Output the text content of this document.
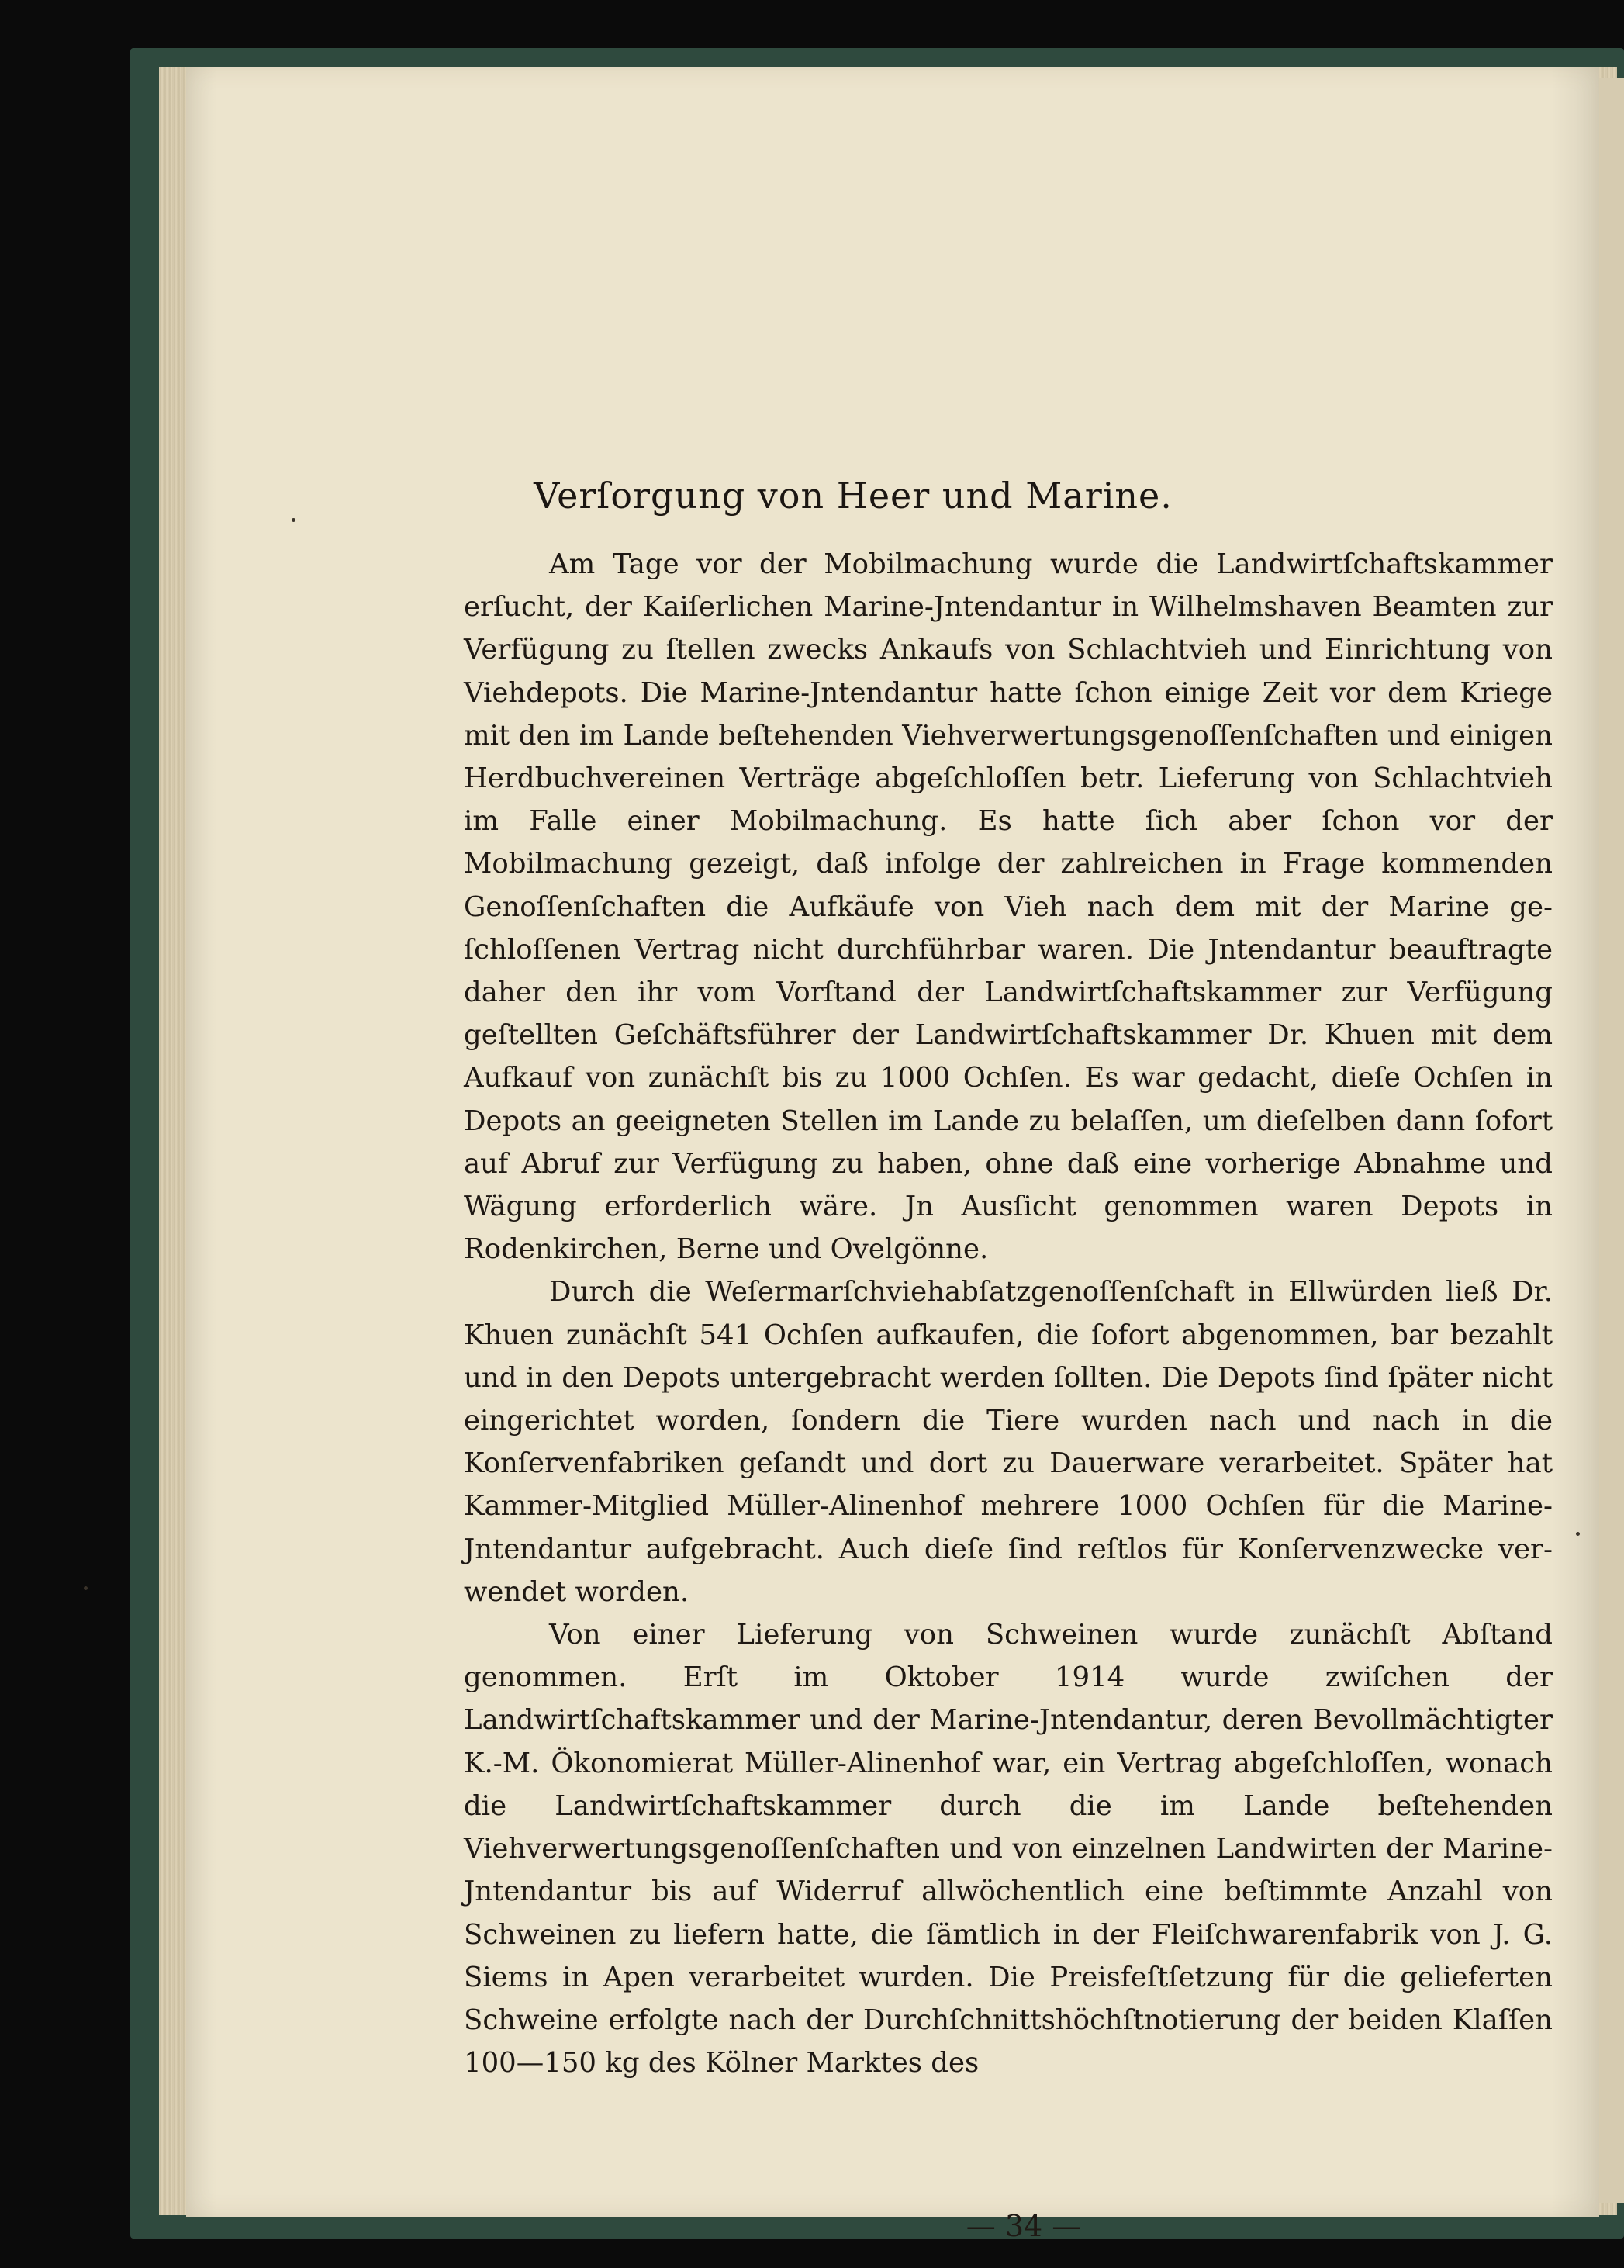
Verſorgung von Heer und Marine.

Am Tage vor der Mobilmachung wurde die Landwirtſchaftskammer erſucht, der Kaiſerlichen Marine-Jntendantur in Wilhelmshaven Beamten zur Verfügung zu ſtellen zwecks Ankaufs von Schlachtvieh und Einrichtung von Viehdepots. Die Marine-Jntendantur hatte ſchon einige Zeit vor dem Kriege mit den im Lande beſtehenden Viehverwertungsgenoſſenſchaften und einigen Herdbuchvereinen Verträge abgeſchloſſen betr. Lieferung von Schlachtvieh im Falle einer Mobilmachung. Es hatte ſich aber ſchon vor der Mobilmachung gezeigt, daß infolge der zahlreichen in Frage kommenden Genoſſenſchaften die Aufkäufe von Vieh nach dem mit der Marine geſchloſſenen Vertrag nicht durchführbar waren. Die Jntendantur beauftragte daher den ihr vom Vorſtand der Landwirtſchaftskammer zur Verfügung geſtellten Geſchäftsführer der Landwirtſchaftskammer Dr. Khuen mit dem Aufkauf von zunächſt bis zu 1000 Ochſen. Es war gedacht, dieſe Ochſen in Depots an geeigneten Stellen im Lande zu belaſſen, um dieſelben dann ſofort auf Abruf zur Verfügung zu haben, ohne daß eine vorherige Abnahme und Wägung erforderlich wäre. Jn Ausſicht genommen waren Depots in Rodenkirchen, Berne und Ovelgönne.

Durch die Weſermarſchviehabſatzgenoſſenſchaft in Ellwürden ließ Dr. Khuen zunächſt 541 Ochſen aufkaufen, die ſofort abgenommen, bar bezahlt und in den Depots untergebracht werden ſollten. Die Depots ſind ſpäter nicht eingerichtet worden, ſondern die Tiere wurden nach und nach in die Konſervenfabriken geſandt und dort zu Dauerware verarbeitet. Später hat Kammer-Mitglied Müller-Alinenhof mehrere 1000 Ochſen für die Marine-Jntendantur aufgebracht. Auch dieſe ſind reſtlos für Konſervenzwecke verwendet worden.

Von einer Lieferung von Schweinen wurde zunächſt Abſtand genommen. Erſt im Oktober 1914 wurde zwiſchen der Landwirtſchaftskammer und der Marine-Jntendantur, deren Bevollmächtigter K.-M. Ökonomierat Müller-Alinenhof war, ein Vertrag abgeſchloſſen, wonach die Landwirtſchaftskammer durch die im Lande beſtehenden Viehverwertungsgenoſſenſchaften und von einzelnen Landwirten der Marine-Jntendantur bis auf Widerruf allwöchentlich eine beſtimmte Anzahl von Schweinen zu liefern hatte, die ſämtlich in der Fleiſchwarenfabrik von J. G. Siems in Apen verarbeitet wurden. Die Preisfeſtſetzung für die gelieferten Schweine erfolgte nach der Durchſchnittshöchſtnotierung der beiden Klaſſen 100—150 kg des Kölner Marktes des

— 34 —
